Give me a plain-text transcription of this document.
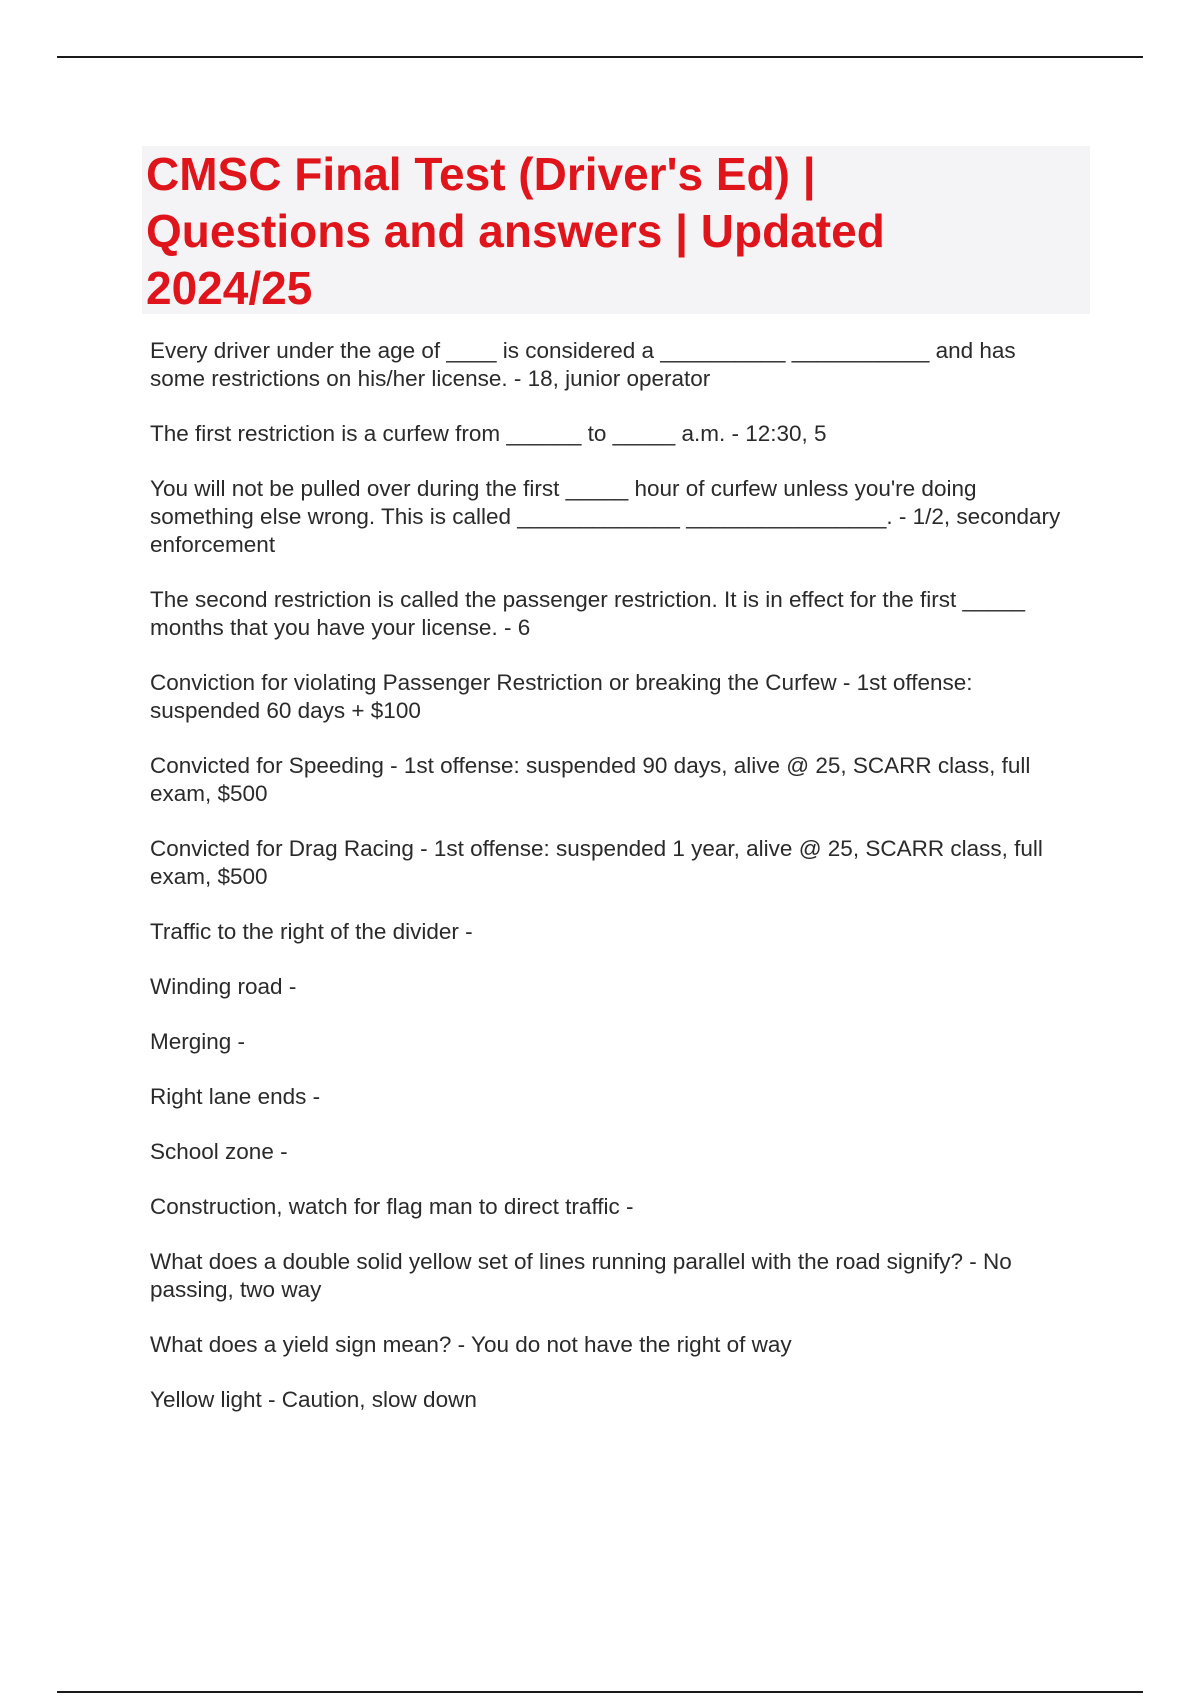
CMSC Final Test (Driver's Ed) | Questions and answers | Updated 2024/25

Every driver under the age of ____ is considered a __________ ___________ and has some restrictions on his/her license. - 18, junior operator

The first restriction is a curfew from ______ to _____ a.m. - 12:30, 5

You will not be pulled over during the first _____ hour of curfew unless you're doing something else wrong. This is called _____________ ________________. - 1/2, secondary enforcement

The second restriction is called the passenger restriction. It is in effect for the first _____ months that you have your license. - 6

Conviction for violating Passenger Restriction or breaking the Curfew - 1st offense: suspended 60 days + $100

Convicted for Speeding - 1st offense: suspended 90 days, alive @ 25, SCARR class, full exam, $500

Convicted for Drag Racing - 1st offense: suspended 1 year, alive @ 25, SCARR class, full exam, $500

Traffic to the right of the divider -

Winding road -

Merging -

Right lane ends -

School zone -

Construction, watch for flag man to direct traffic -

What does a double solid yellow set of lines running parallel with the road signify? - No passing, two way

What does a yield sign mean? - You do not have the right of way

Yellow light - Caution, slow down
